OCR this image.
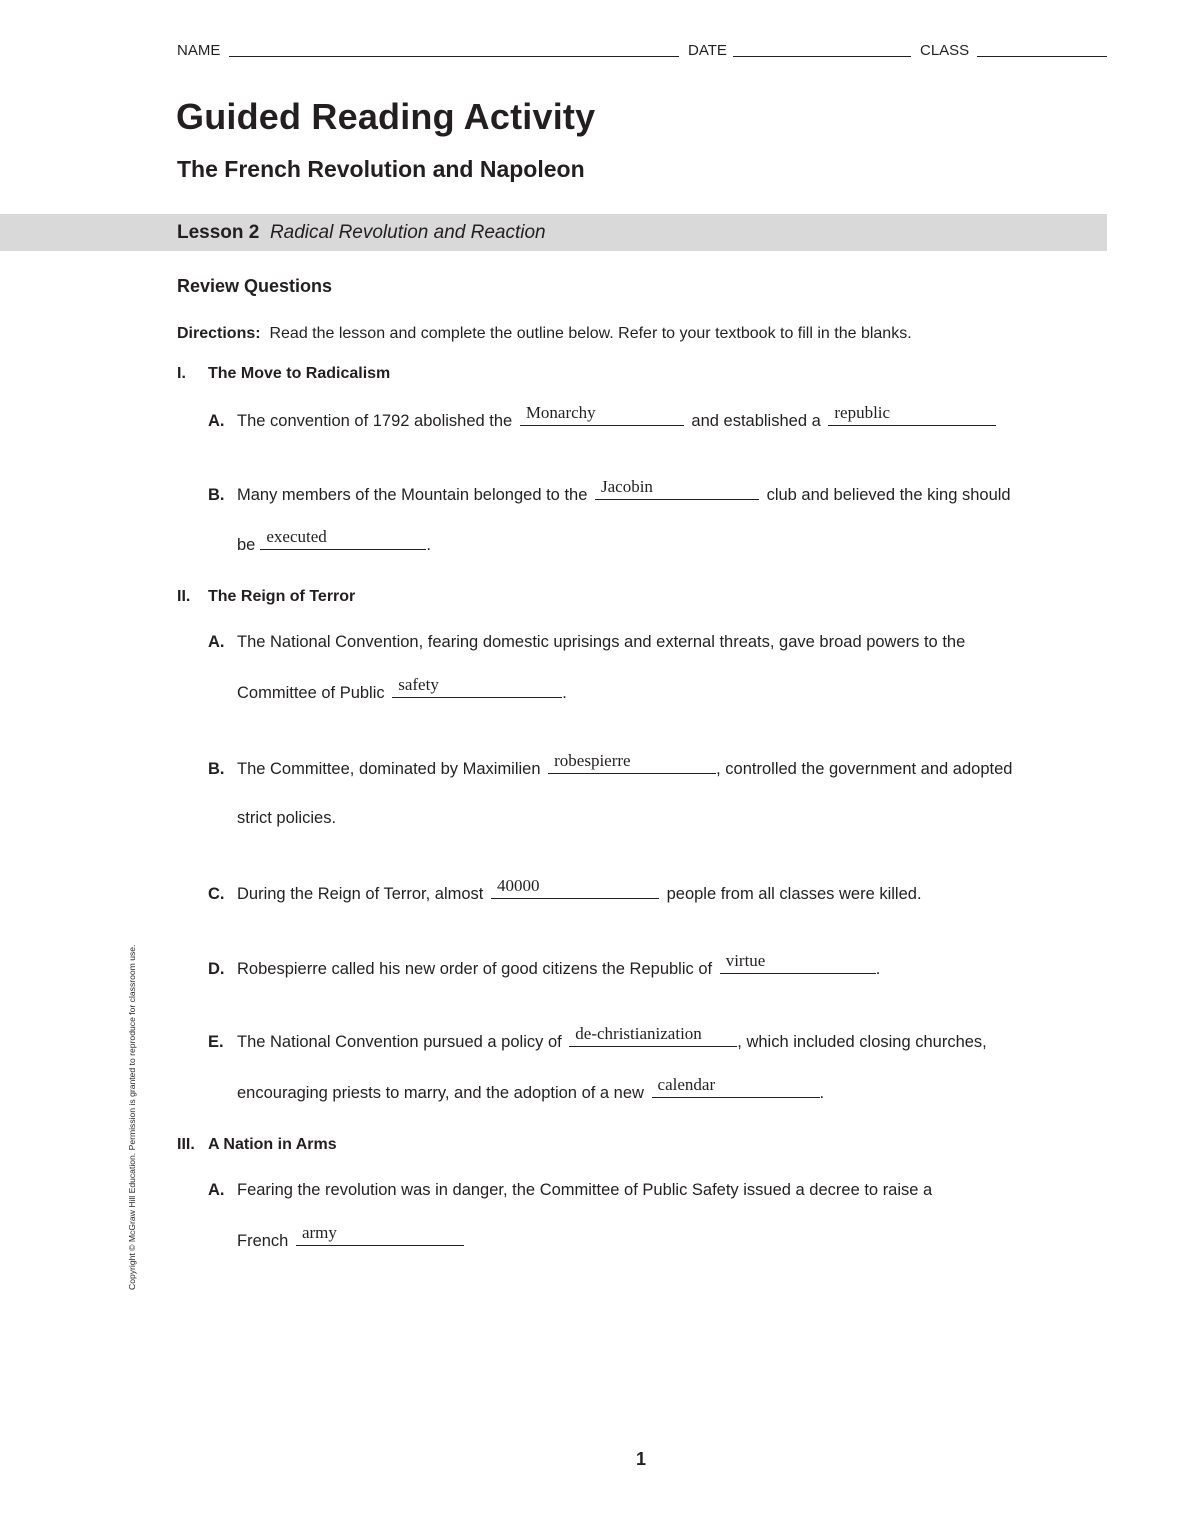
NAME	DATE	CLASS
Guided Reading Activity
The French Revolution and Napoleon
Lesson 2 Radical Revolution and Reaction
Review Questions
Directions: Read the lesson and complete the outline below. Refer to your textbook to fill in the blanks.
I. The Move to Radicalism
A. The convention of 1792 abolished the Monarchy	and established a republic
B. Many members of the Mountain belonged to the Jacobin	club and believed the king should
be executed	.
II. The Reign of Terror
A. The National Convention, fearing domestic uprisings and external threats, gave broad powers to the
Committee of Public safety	.
B. The Committee, dominated by Maximilien robespierre	, controlled the government and adopted
strict policies.
C. During the Reign of Terror, almost 40000	people from all classes were killed.
D. Robespierre called his new order of good citizens the Republic of virtue	.
E. The National Convention pursued a policy of de-christianization , which included closing churches,
encouraging priests to marry, and the adoption of a new calendar	.
III. A Nation in Arms
A. Fearing the revolution was in danger, the Committee of Public Safety issued a decree to raise a
French army
Copyright © McGraw Hill Education. Permission is granted to reproduce for classroom use.
1
